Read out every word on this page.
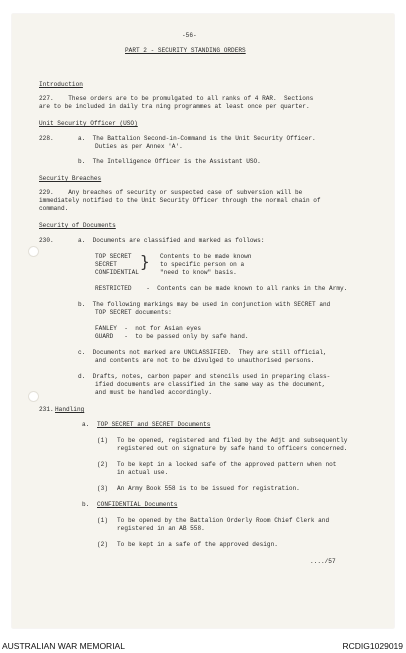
-56-
PART 2 - SECURITY STANDING ORDERS
Introduction
227.    These orders are to be promulgated to all ranks of 4 RAR.  Sections
are to be included in daily tra ning programmes at least once per quarter.
Unit Security Officer (USO)
228.	a.  The Battalion Second-in-Command is the Unit Security Officer.
Duties as per Annex 'A'.
b.  The Intelligence Officer is the Assistant USO.
Security Breaches
229.    Any breaches of security or suspected case of subversion will be
immediately notified to the Unit Security Officer through the normal chain of
command.
Security of Documents
230.	a.  Documents are classified and marked as follows:
TOP SECRET
SECRET
CONFIDENTIAL
} Contents to be made known
to specific person on a
"need to know" basis.
RESTRICTED    -  Contents can be made known to all ranks in the Army.
b.  The following markings may be used in conjunction with SECRET and
TOP SECRET documents:
FANLEY  -  not for Asian eyes
GUARD   -  to be passed only by safe hand.
c.  Documents not marked are UNCLASSIFIED.  They are still official,
and contents are not to be divulged to unauthorised persons.
d.  Drafts, notes, carbon paper and stencils used in preparing class-
ified documents are classified in the same way as the document,
and must be handled accordingly.
231. Handling
a. TOP SECRET and SECRET Documents
(1) To be opened, registered and filed by the Adjt and subsequently
registered out on signature by safe hand to officers concerned.
(2) To be kept in a locked safe of the approved pattern when not
in actual use.
(3) An Army Book 558 is to be issued for registration.
b. CONFIDENTIAL Documents
(1) To be opened by the Battalion Orderly Room Chief Clerk and
registered in an AB 558.
(2) To be kept in a safe of the approved design.
..../57
AUSTRALIAN WAR MEMORIAL	RCDIG1029019
